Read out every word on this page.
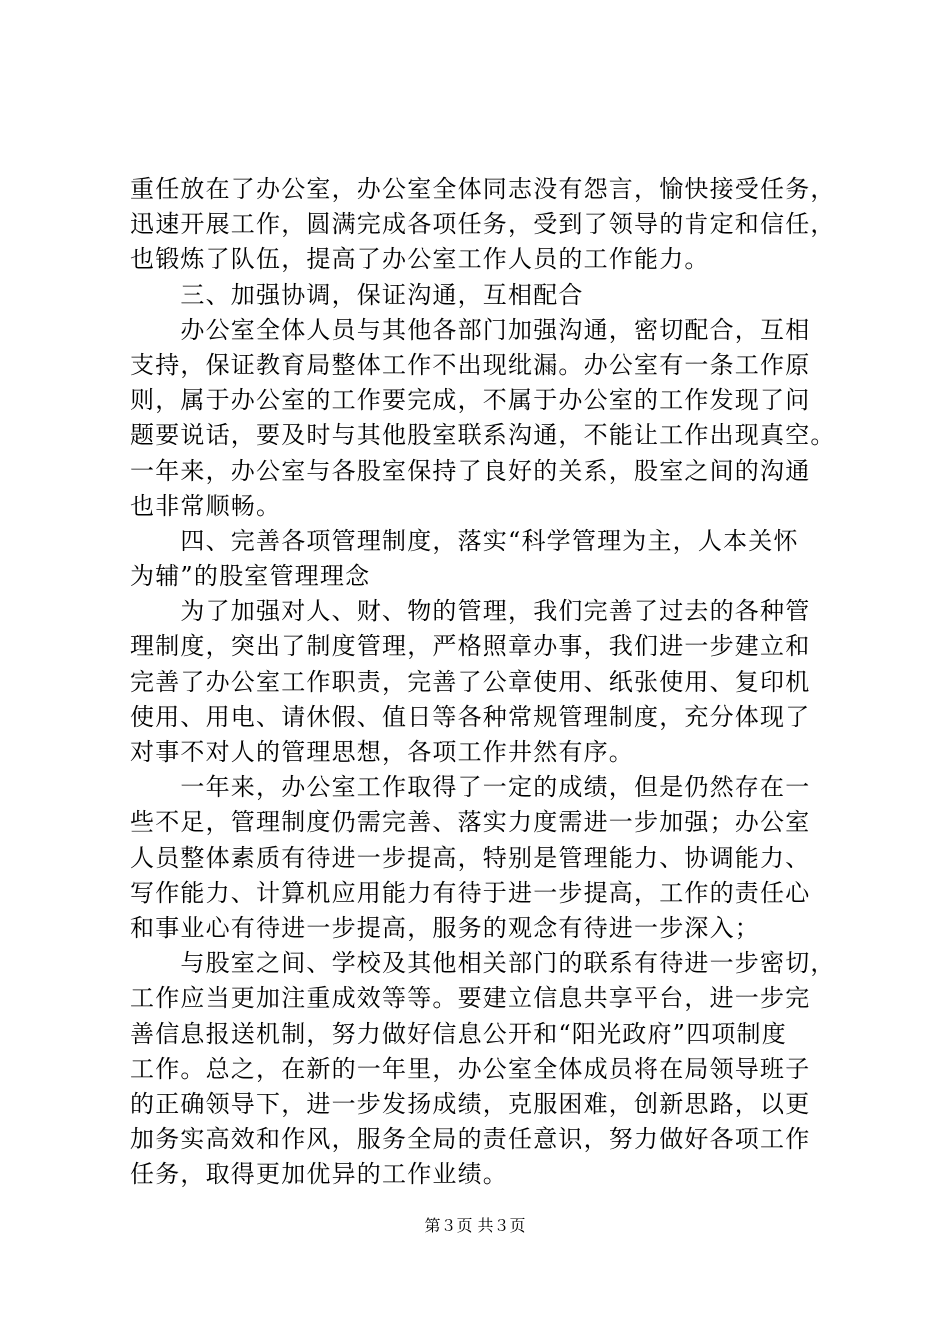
重任放在了办公室，办公室全体同志没有怨言，愉快接受任务，
迅速开展工作，圆满完成各项任务，受到了领导的肯定和信任，
也锻炼了队伍，提高了办公室工作人员的工作能力。
　　三、加强协调，保证沟通，互相配合
　　办公室全体人员与其他各部门加强沟通，密切配合，互相
支持，保证教育局整体工作不出现纰漏。办公室有一条工作原
则，属于办公室的工作要完成，不属于办公室的工作发现了问
题要说话，要及时与其他股室联系沟通，不能让工作出现真空。
一年来，办公室与各股室保持了良好的关系，股室之间的沟通
也非常顺畅。
　　四、完善各项管理制度，落实“科学管理为主，人本关怀
为辅”的股室管理理念
　　为了加强对人、财、物的管理，我们完善了过去的各种管
理制度，突出了制度管理，严格照章办事，我们进一步建立和
完善了办公室工作职责，完善了公章使用、纸张使用、复印机
使用、用电、请休假、值日等各种常规管理制度，充分体现了
对事不对人的管理思想，各项工作井然有序。
　　一年来，办公室工作取得了一定的成绩，但是仍然存在一
些不足，管理制度仍需完善、落实力度需进一步加强；办公室
人员整体素质有待进一步提高，特别是管理能力、协调能力、
写作能力、计算机应用能力有待于进一步提高，工作的责任心
和事业心有待进一步提高，服务的观念有待进一步深入；
　　与股室之间、学校及其他相关部门的联系有待进一步密切，
工作应当更加注重成效等等。要建立信息共享平台，进一步完
善信息报送机制，努力做好信息公开和“阳光政府”四项制度
工作。总之，在新的一年里，办公室全体成员将在局领导班子
的正确领导下，进一步发扬成绩，克服困难，创新思路，以更
加务实高效和作风，服务全局的责任意识，努力做好各项工作
任务，取得更加优异的工作业绩。
第３页 共３页
